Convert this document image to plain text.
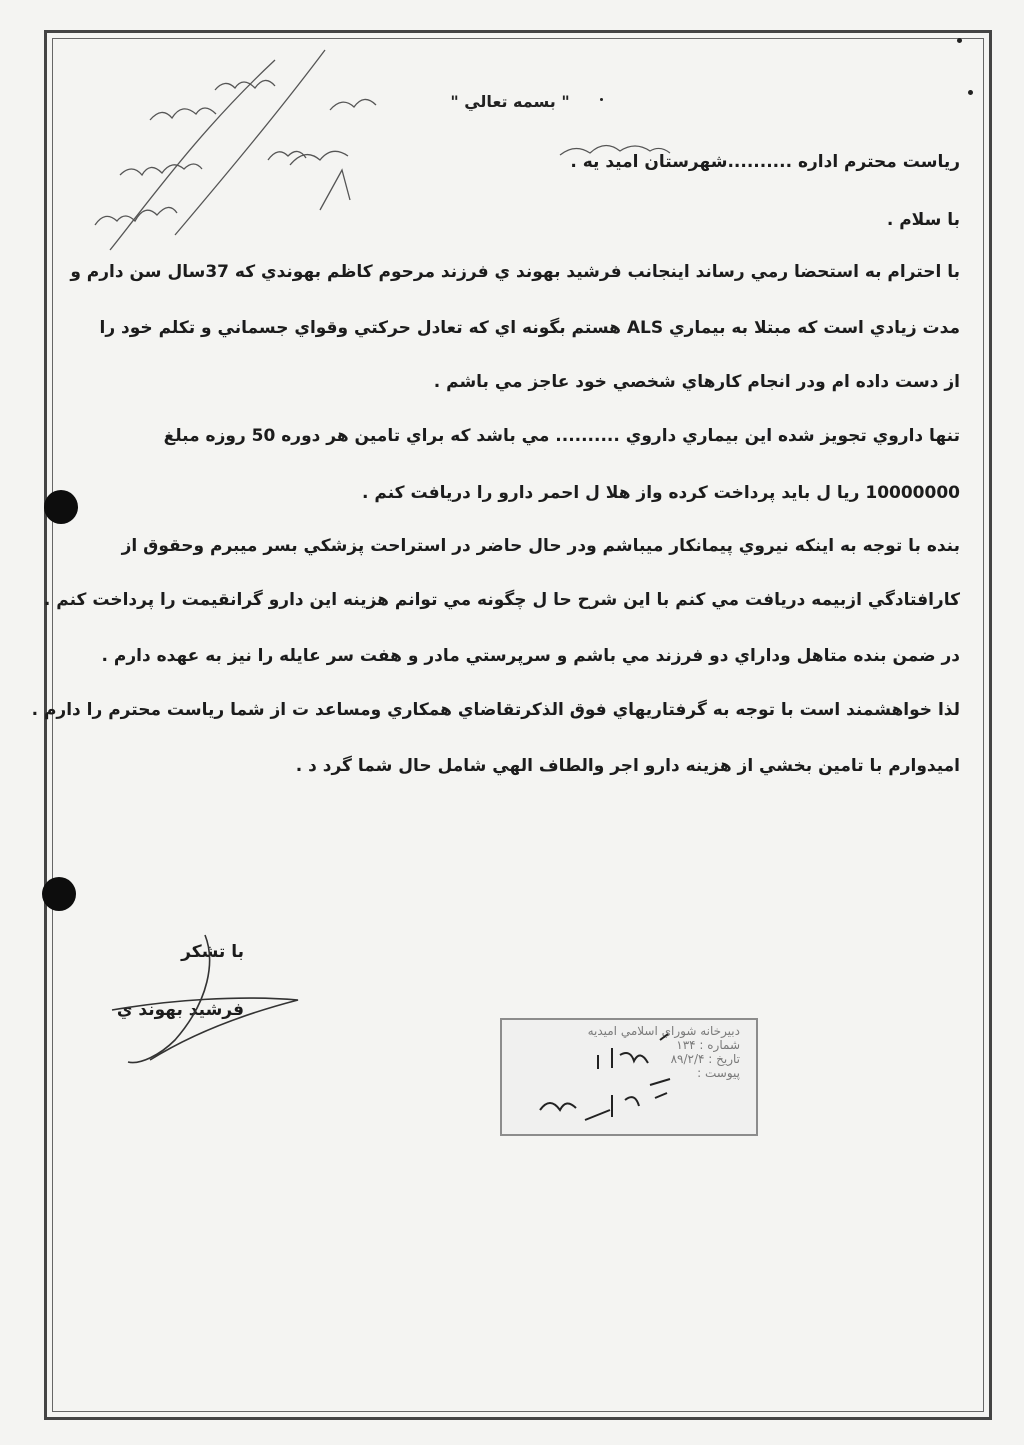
" بسمه تعالي "
رياست محترم اداره ..........شهرستان اميد يه .
با سلام .
با احترام به استحضا رمي رساند اينجانب فرشيد بهوند ي فرزند مرحوم كاظم بهوندي كه 37سال سن دارم و
مدت زيادي است كه مبتلا به بيماري ALS هستم بگونه اي كه تعادل حركتي وقواي جسماني و تكلم خود را
از دست داده ام ودر انجام كارهاي شخصي خود عاجز مي باشم .
تنها داروي تجويز شده اين بيماري داروي .......... مي باشد كه براي تامين هر دوره 50 روزه مبلغ
10000000 ريا ل بايد پرداخت كرده واز هلا ل احمر دارو را دريافت كنم .
بنده با توجه به اينكه نيروي پيمانكار ميباشم ودر حال حاضر در استراحت پزشكي بسر ميبرم وحقوق از
كارافتادگي ازبيمه دريافت مي كنم با اين شرح حا ل چگونه مي توانم هزينه اين دارو گرانقيمت را پرداخت كنم .
در ضمن بنده متاهل وداراي دو فرزند مي باشم و سرپرستي مادر و هفت سر عايله را نيز به عهده دارم .
لذا خواهشمند است با توجه به گرفتاريهاي فوق الذكرتقاضاي همكاري ومساعد ت از شما رياست محترم را دارم .
اميدوارم با تامين بخشي از هزينه دارو اجر والطاف الهي شامل حال شما گرد د .
با تشكر
فرشيد بهوند ي
دبيرخانه شوراي اسلامي اميديه
شماره : ۱۳۴
تاريخ : ۸۹/۲/۴
پيوست :
